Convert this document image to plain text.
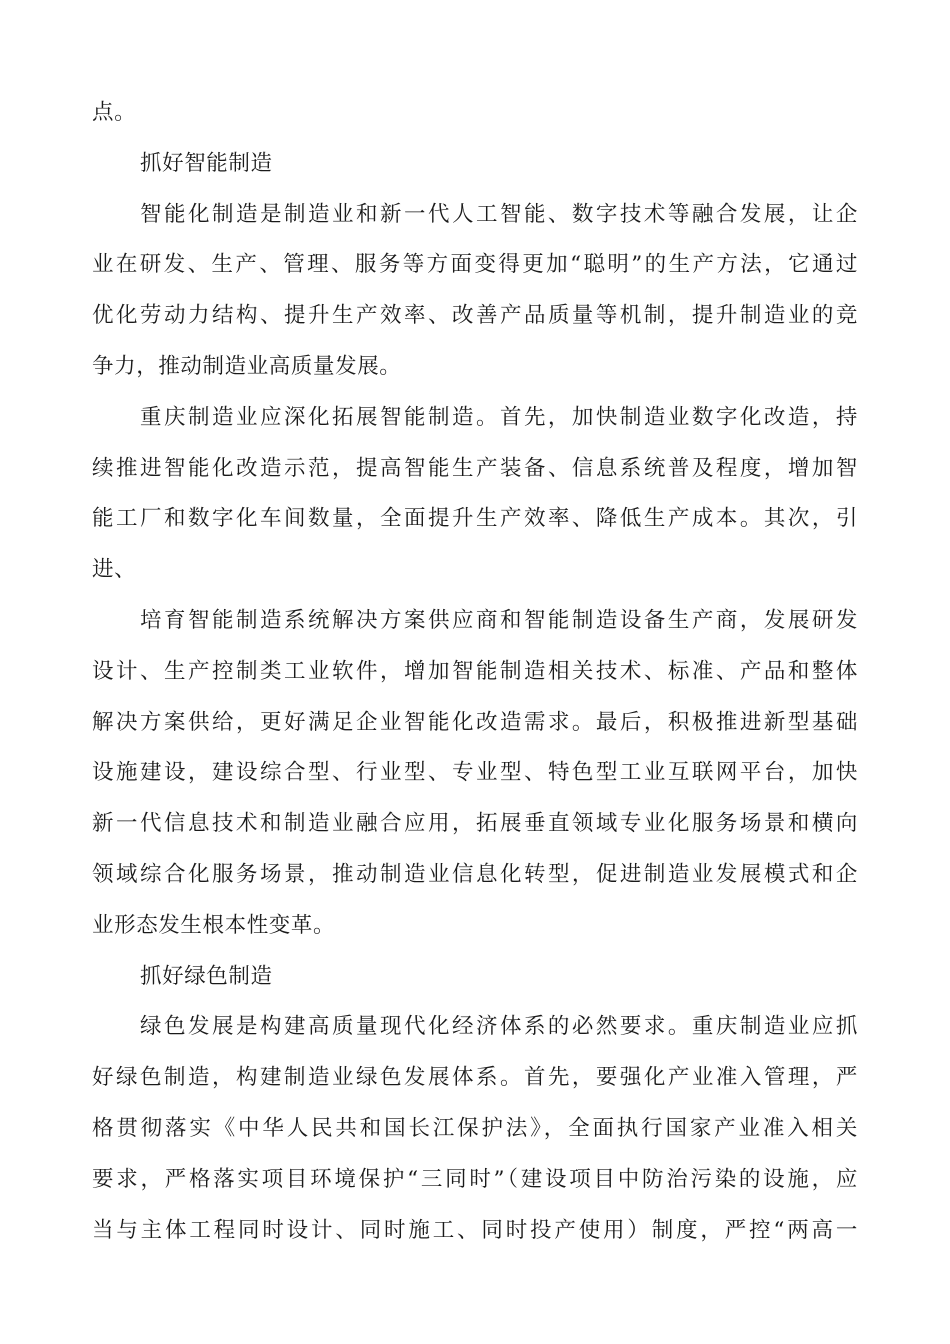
点。
抓好智能制造
智能化制造是制造业和新一代人工智能、数字技术等融合发展，让企
业在研发、生产、管理、服务等方面变得更加“聪明”的生产方法，它通过
优化劳动力结构、提升生产效率、改善产品质量等机制，提升制造业的竞
争力，推动制造业高质量发展。
重庆制造业应深化拓展智能制造。首先，加快制造业数字化改造，持
续推进智能化改造示范，提高智能生产装备、信息系统普及程度，增加智
能工厂和数字化车间数量，全面提升生产效率、降低生产成本。其次，引
进、
培育智能制造系统解决方案供应商和智能制造设备生产商，发展研发
设计、生产控制类工业软件，增加智能制造相关技术、标准、产品和整体
解决方案供给，更好满足企业智能化改造需求。最后，积极推进新型基础
设施建设，建设综合型、行业型、专业型、特色型工业互联网平台，加快
新一代信息技术和制造业融合应用，拓展垂直领域专业化服务场景和横向
领域综合化服务场景，推动制造业信息化转型，促进制造业发展模式和企
业形态发生根本性变革。
抓好绿色制造
绿色发展是构建高质量现代化经济体系的必然要求。重庆制造业应抓
好绿色制造，构建制造业绿色发展体系。首先，要强化产业准入管理，严
格贯彻落实《中华人民共和国长江保护法》，全面执行国家产业准入相关
要求，严格落实项目环境保护“三同时”（建设项目中防治污染的设施，应
当与主体工程同时设计、同时施工、同时投产使用）制度，严控“两高一
